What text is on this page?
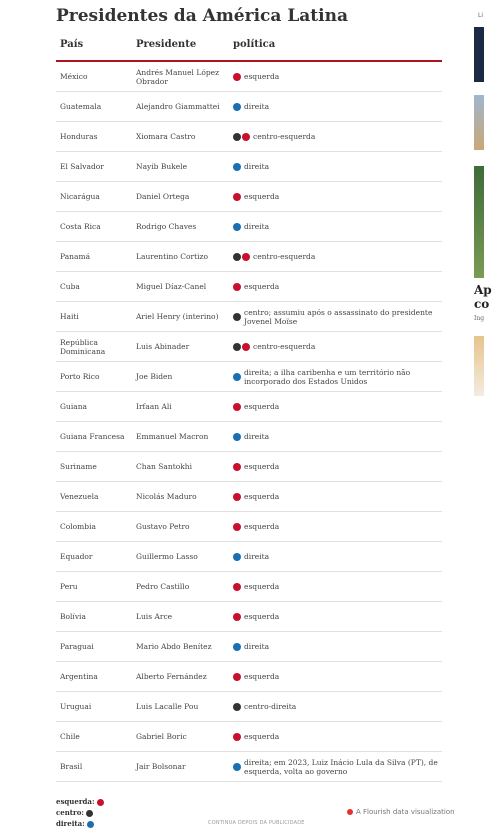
Presidentes da América Latina
País	Presidente	política
México	Andrés Manuel López Obrador	esquerda
Guatemala	Alejandro Giammattei	direita
Honduras	Xiomara Castro	centro-esquerda
El Salvador	Nayib Bukele	direita
Nicarágua	Daniel Ortega	esquerda
Costa Rica	Rodrigo Chaves	direita
Panamá	Laurentino Cortizo	centro-esquerda
Cuba	Miguel Díaz-Canel	esquerda
Haiti	Ariel Henry (interino)	centro; assumiu após o assassinato do presidente Jovenel Moïse
República Dominicana	Luis Abinader	centro-esquerda
Porto Rico	Joe Biden	direita; a ilha caribenha e um território não incorporado dos Estados Unidos
Guiana	Irfaan Ali	esquerda
Guiana Francesa	Emmanuel Macron	direita
Suriname	Chan Santokhi	esquerda
Venezuela	Nicolás Maduro	esquerda
Colombia	Gustavo Petro	esquerda
Equador	Guillermo Lasso	direita
Peru	Pedro Castillo	esquerda
Bolívia	Luis Arce	esquerda
Paraguai	Mario Abdo Benítez	direita
Argentina	Alberto Fernández	esquerda
Uruguai	Luis Lacalle Pou	centro-direita
Chile	Gabriel Boric	esquerda
Brasil	Jair Bolsonar	direita; em 2023, Luiz Inácio Lula da Silva (PT), de esquerda, volta ao governo
esquerda:
centro:
direita:
A Flourish data visualization
CONTINUA DEPOIS DA PUBLICIDADE
Li
Ap
co
Ing
